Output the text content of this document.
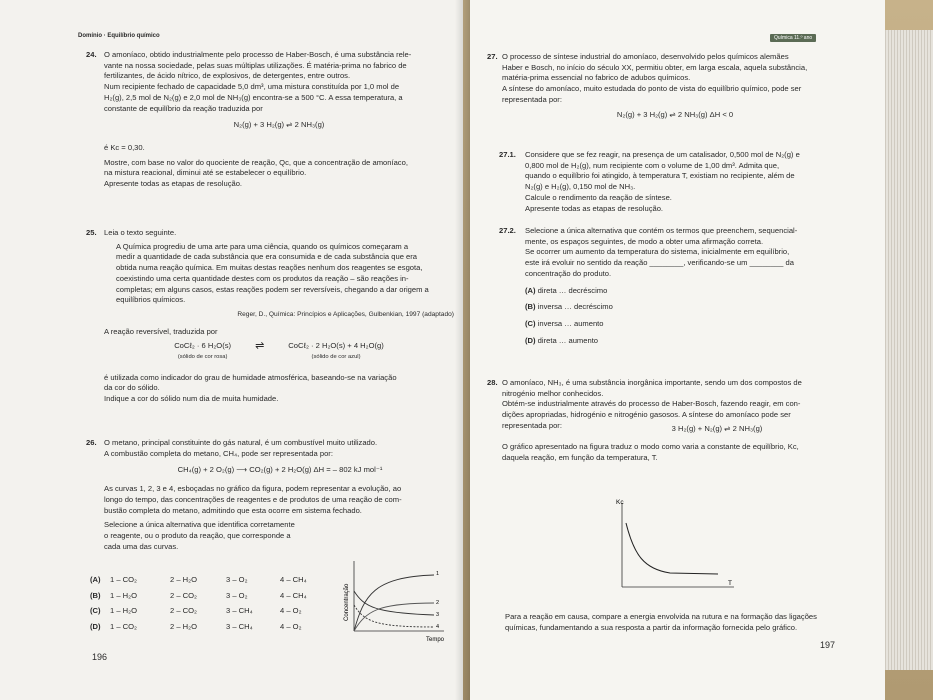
Domínio · Equilíbrio químico
24. O amoníaco, obtido industrialmente pelo processo de Haber-Bosch, é uma substância rele-

vante na nossa sociedade, pelas suas múltiplas utilizações. É matéria-prima no fabrico de

fertilizantes, de ácido nítrico, de explosivos, de detergentes, entre outros.

Num recipiente fechado de capacidade 5,0 dm³, uma mistura constituída por 1,0 mol de

H₂(g), 2,5 mol de N₂(g) e 2,0 mol de NH₃(g) encontra-se a 500 °C. A essa temperatura, a

constante de equilíbrio da reação traduzida por

N₂(g) + 3 H₂(g) ⇌ 2 NH₃(g)

é Kc = 0,30.

Mostre, com base no valor do quociente de reação, Qc, que a concentração de amoníaco,

na mistura reacional, diminui até se estabelecer o equilíbrio.

Apresente todas as etapas de resolução.

25. Leia o texto seguinte.

A Química progrediu de uma arte para uma ciência, quando os químicos começaram a

medir a quantidade de cada substância que era consumida e de cada substância que era

obtida numa reação química. Em muitas destas reações nenhum dos reagentes se esgota,

coexistindo uma certa quantidade destes com os produtos da reação – são reações in-

completas; em alguns casos, estas reações podem ser reversíveis, chegando a dar origem a

equilíbrios químicos.

Reger, D., Química: Princípios e Aplicações, Gulbenkian, 1997 (adaptado)

A reação reversível, traduzida por

CoCℓ₂ · 6 H₂O(s)
(sólido de cor rosa)
⇌	CoCℓ₂ · 2 H₂O(s) + 4 H₂O(g)
(sólido de cor azul)

é utilizada como indicador do grau de humidade atmosférica, baseando-se na variação

da cor do sólido.

Indique a cor do sólido num dia de muita humidade.

26. O metano, principal constituinte do gás natural, é um combustível muito utilizado.

A combustão completa do metano, CH₄, pode ser representada por:

CH₄(g) + 2 O₂(g) ⟶ CO₂(g) + 2 H₂O(g) ΔH = – 802 kJ mol⁻¹

As curvas 1, 2, 3 e 4, esboçadas no gráfico da figura, podem representar a evolução, ao

longo do tempo, das concentrações de reagentes e de produtos de uma reação de com-

bustão completa do metano, admitindo que esta ocorre em sistema fechado.

Selecione a única alternativa que identifica corretamente

o reagente, ou o produto da reação, que corresponde a

cada uma das curvas.

(A)	1 – CO₂	2 – H₂O	3 – O₂	4 – CH₄
(B)	1 – H₂O	2 – CO₂	3 – O₂	4 – CH₄
(C)	1 – H₂O	2 – CO₂	3 – CH₄	4 – O₂
(D)	1 – CO₂	2 – H₂O	3 – CH₄	4 – O₂
1
2
3
4
Concentração
Tempo
196
Química 11.º ano
27. O processo de síntese industrial do amoníaco, desenvolvido pelos químicos alemães

Haber e Bosch, no início do século XX, permitiu obter, em larga escala, aquela substância,

matéria-prima essencial no fabrico de adubos químicos.

A síntese do amoníaco, muito estudada do ponto de vista do equilíbrio químico, pode ser

representada por:

N₂(g) + 3 H₂(g) ⇌ 2 NH₃(g) ΔH < 0

27.1. Considere que se fez reagir, na presença de um catalisador, 0,500 mol de N₂(g) e

0,800 mol de H₂(g), num recipiente com o volume de 1,00 dm³. Admita que,

quando o equilíbrio foi atingido, à temperatura T, existiam no recipiente, além de

N₂(g) e H₂(g), 0,150 mol de NH₃.

Calcule o rendimento da reação de síntese.

Apresente todas as etapas de resolução.

27.2. Selecione a única alternativa que contém os termos que preenchem, sequencial-

mente, os espaços seguintes, de modo a obter uma afirmação correta.

Se ocorrer um aumento da temperatura do sistema, inicialmente em equilíbrio,

este irá evoluir no sentido da reação ________, verificando-se um ________ da

concentração do produto.

(A) direta … decréscimo

(B) inversa … decréscimo

(C) inversa … aumento

(D) direta … aumento

28. O amoníaco, NH₃, é uma substância inorgânica importante, sendo um dos compostos de

nitrogénio melhor conhecidos.

Obtém-se industrialmente através do processo de Haber-Bosch, fazendo reagir, em con-

dições apropriadas, hidrogénio e nitrogénio gasosos. A síntese do amoníaco pode ser

representada por:	3 H₂(g) + N₂(g) ⇌ 2 NH₃(g)

O gráfico apresentado na figura traduz o modo como varia a constante de equilíbrio, Kc,

daquela reação, em função da temperatura, T.

Kc
T

Para a reação em causa, compare a energia envolvida na rutura e na formação das ligações

químicas, fundamentando a sua resposta a partir da informação fornecida pelo gráfico.

197
